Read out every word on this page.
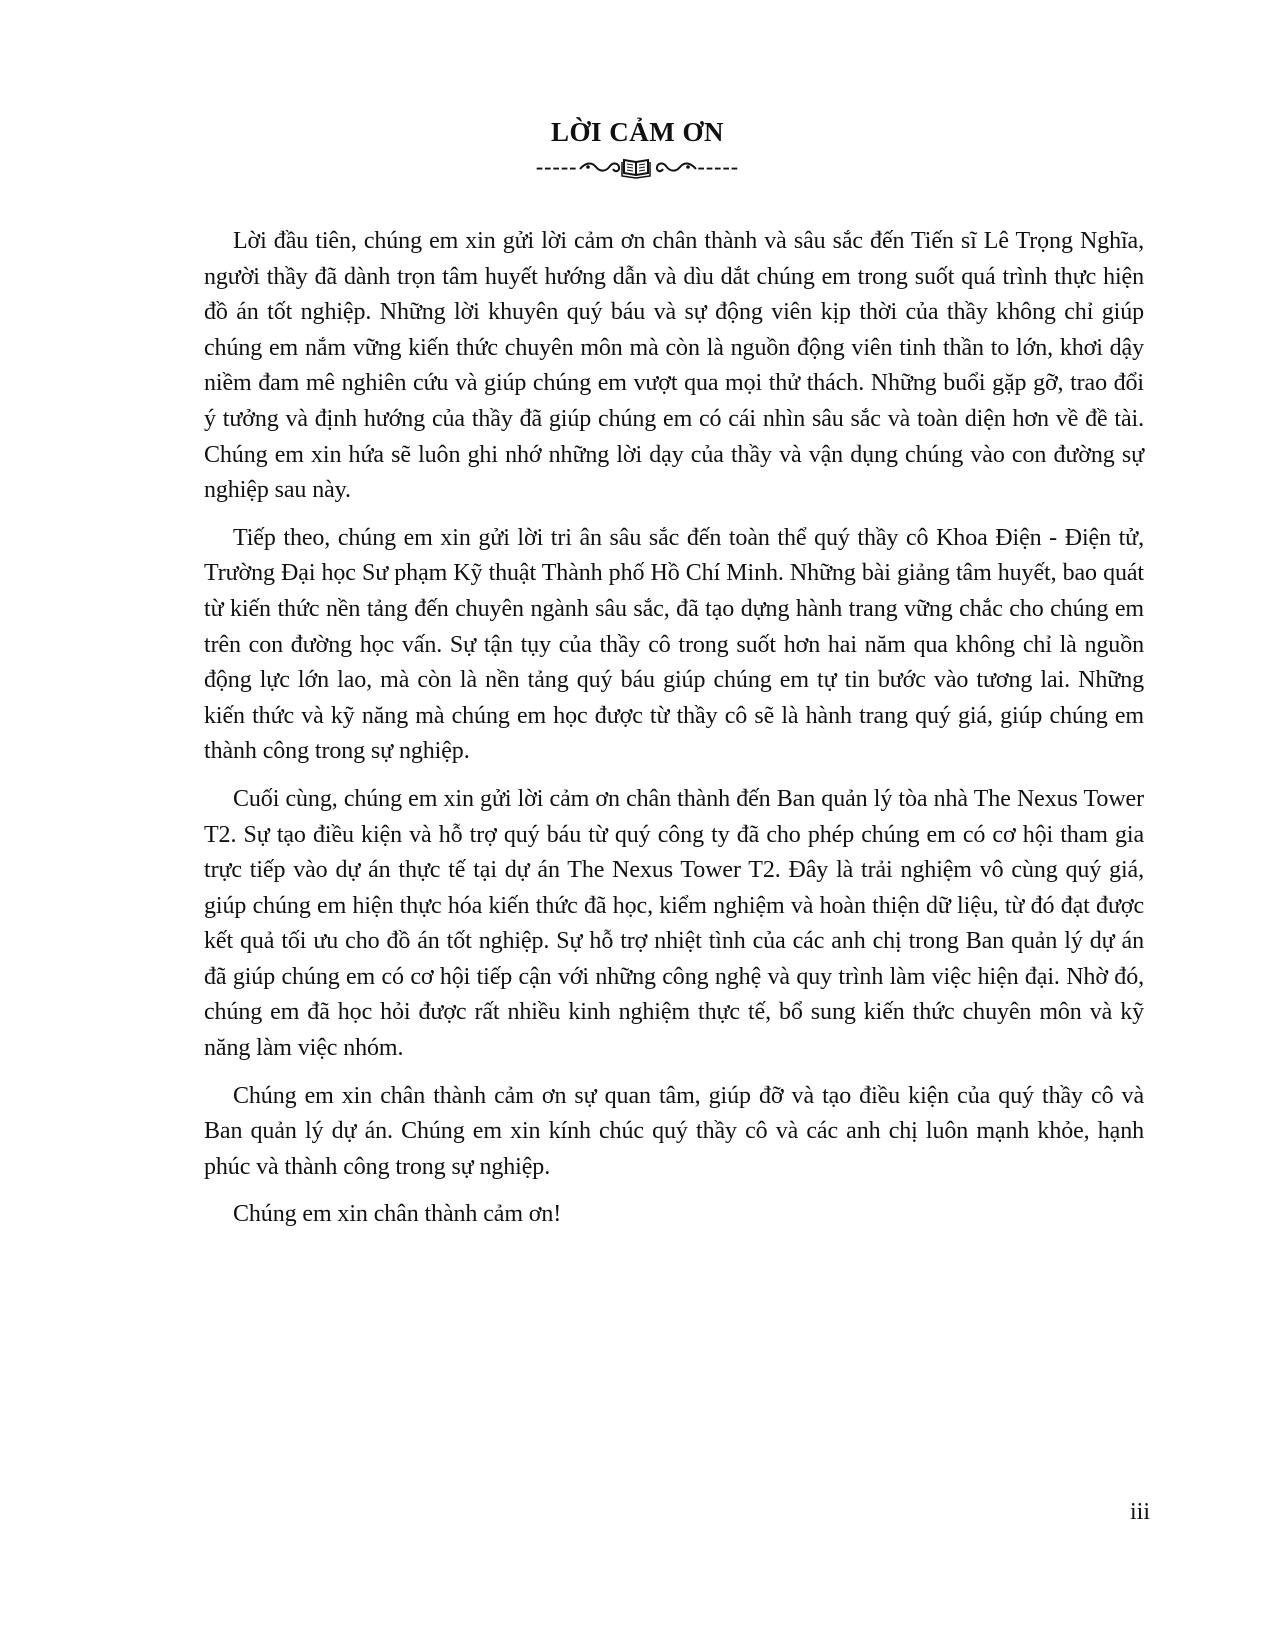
LỜI CẢM ƠN
-----	-----

Lời đầu tiên, chúng em xin gửi lời cảm ơn chân thành và sâu sắc đến Tiến sĩ Lê Trọng Nghĩa, người thầy đã dành trọn tâm huyết hướng dẫn và dìu dắt chúng em trong suốt quá trình thực hiện đồ án tốt nghiệp. Những lời khuyên quý báu và sự động viên kịp thời của thầy không chỉ giúp chúng em nắm vững kiến thức chuyên môn mà còn là nguồn động viên tinh thần to lớn, khơi dậy niềm đam mê nghiên cứu và giúp chúng em vượt qua mọi thử thách. Những buổi gặp gỡ, trao đổi ý tưởng và định hướng của thầy đã giúp chúng em có cái nhìn sâu sắc và toàn diện hơn về đề tài. Chúng em xin hứa sẽ luôn ghi nhớ những lời dạy của thầy và vận dụng chúng vào con đường sự nghiệp sau này.

Tiếp theo, chúng em xin gửi lời tri ân sâu sắc đến toàn thể quý thầy cô Khoa Điện - Điện tử, Trường Đại học Sư phạm Kỹ thuật Thành phố Hồ Chí Minh. Những bài giảng tâm huyết, bao quát từ kiến thức nền tảng đến chuyên ngành sâu sắc, đã tạo dựng hành trang vững chắc cho chúng em trên con đường học vấn. Sự tận tụy của thầy cô trong suốt hơn hai năm qua không chỉ là nguồn động lực lớn lao, mà còn là nền tảng quý báu giúp chúng em tự tin bước vào tương lai. Những kiến thức và kỹ năng mà chúng em học được từ thầy cô sẽ là hành trang quý giá, giúp chúng em thành công trong sự nghiệp.

Cuối cùng, chúng em xin gửi lời cảm ơn chân thành đến Ban quản lý tòa nhà The Nexus Tower T2. Sự tạo điều kiện và hỗ trợ quý báu từ quý công ty đã cho phép chúng em có cơ hội tham gia trực tiếp vào dự án thực tế tại dự án The Nexus Tower T2. Đây là trải nghiệm vô cùng quý giá, giúp chúng em hiện thực hóa kiến thức đã học, kiểm nghiệm và hoàn thiện dữ liệu, từ đó đạt được kết quả tối ưu cho đồ án tốt nghiệp. Sự hỗ trợ nhiệt tình của các anh chị trong Ban quản lý dự án đã giúp chúng em có cơ hội tiếp cận với những công nghệ và quy trình làm việc hiện đại. Nhờ đó, chúng em đã học hỏi được rất nhiều kinh nghiệm thực tế, bổ sung kiến thức chuyên môn và kỹ năng làm việc nhóm.

Chúng em xin chân thành cảm ơn sự quan tâm, giúp đỡ và tạo điều kiện của quý thầy cô và Ban quản lý dự án. Chúng em xin kính chúc quý thầy cô và các anh chị luôn mạnh khỏe, hạnh phúc và thành công trong sự nghiệp.

Chúng em xin chân thành cảm ơn!

iii
